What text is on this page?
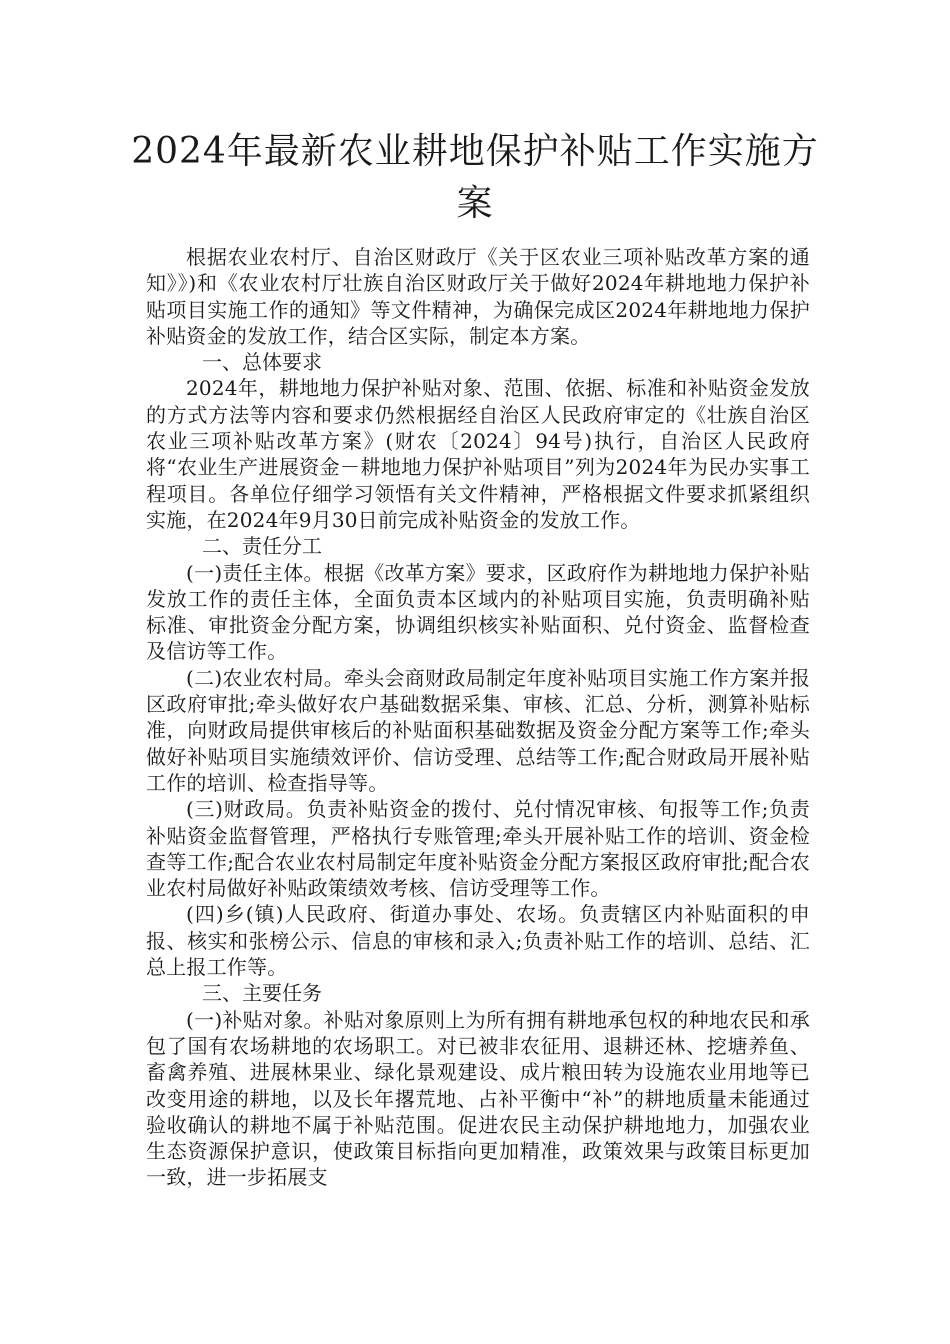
2024年最新农业耕地保护补贴工作实施方案

根据农业农村厅、自治区财政厅《关于区农业三项补贴改革方案的通知》》)和《农业农村厅壮族自治区财政厅关于做好2024年耕地地力保护补贴项目实施工作的通知》等文件精神，为确保完成区2024年耕地地力保护补贴资金的发放工作，结合区实际，制定本方案。

一、总体要求

2024年，耕地地力保护补贴对象、范围、依据、标准和补贴资金发放的方式方法等内容和要求仍然根据经自治区人民政府审定的《壮族自治区农业三项补贴改革方案》(财农〔2024〕94号)执行，自治区人民政府将“农业生产进展资金－耕地地力保护补贴项目”列为2024年为民办实事工程项目。各单位仔细学习领悟有关文件精神，严格根据文件要求抓紧组织实施，在2024年9月30日前完成补贴资金的发放工作。

二、责任分工

(一)责任主体。根据《改革方案》要求，区政府作为耕地地力保护补贴发放工作的责任主体，全面负责本区域内的补贴项目实施，负责明确补贴标准、审批资金分配方案，协调组织核实补贴面积、兑付资金、监督检查及信访等工作。

(二)农业农村局。牵头会商财政局制定年度补贴项目实施工作方案并报区政府审批;牵头做好农户基础数据采集、审核、汇总、分析，测算补贴标准，向财政局提供审核后的补贴面积基础数据及资金分配方案等工作;牵头做好补贴项目实施绩效评价、信访受理、总结等工作;配合财政局开展补贴工作的培训、检查指导等。

(三)财政局。负责补贴资金的拨付、兑付情况审核、旬报等工作;负责补贴资金监督管理，严格执行专账管理;牵头开展补贴工作的培训、资金检查等工作;配合农业农村局制定年度补贴资金分配方案报区政府审批;配合农业农村局做好补贴政策绩效考核、信访受理等工作。

(四)乡(镇)人民政府、街道办事处、农场。负责辖区内补贴面积的申报、核实和张榜公示、信息的审核和录入;负责补贴工作的培训、总结、汇总上报工作等。

三、主要任务

(一)补贴对象。补贴对象原则上为所有拥有耕地承包权的种地农民和承包了国有农场耕地的农场职工。对已被非农征用、退耕还林、挖塘养鱼、畜禽养殖、进展林果业、绿化景观建设、成片粮田转为设施农业用地等已改变用途的耕地，以及长年撂荒地、占补平衡中“补”的耕地质量未能通过验收确认的耕地不属于补贴范围。促进农民主动保护耕地地力，加强农业生态资源保护意识，使政策目标指向更加精准，政策效果与政策目标更加一致，进一步拓展支
